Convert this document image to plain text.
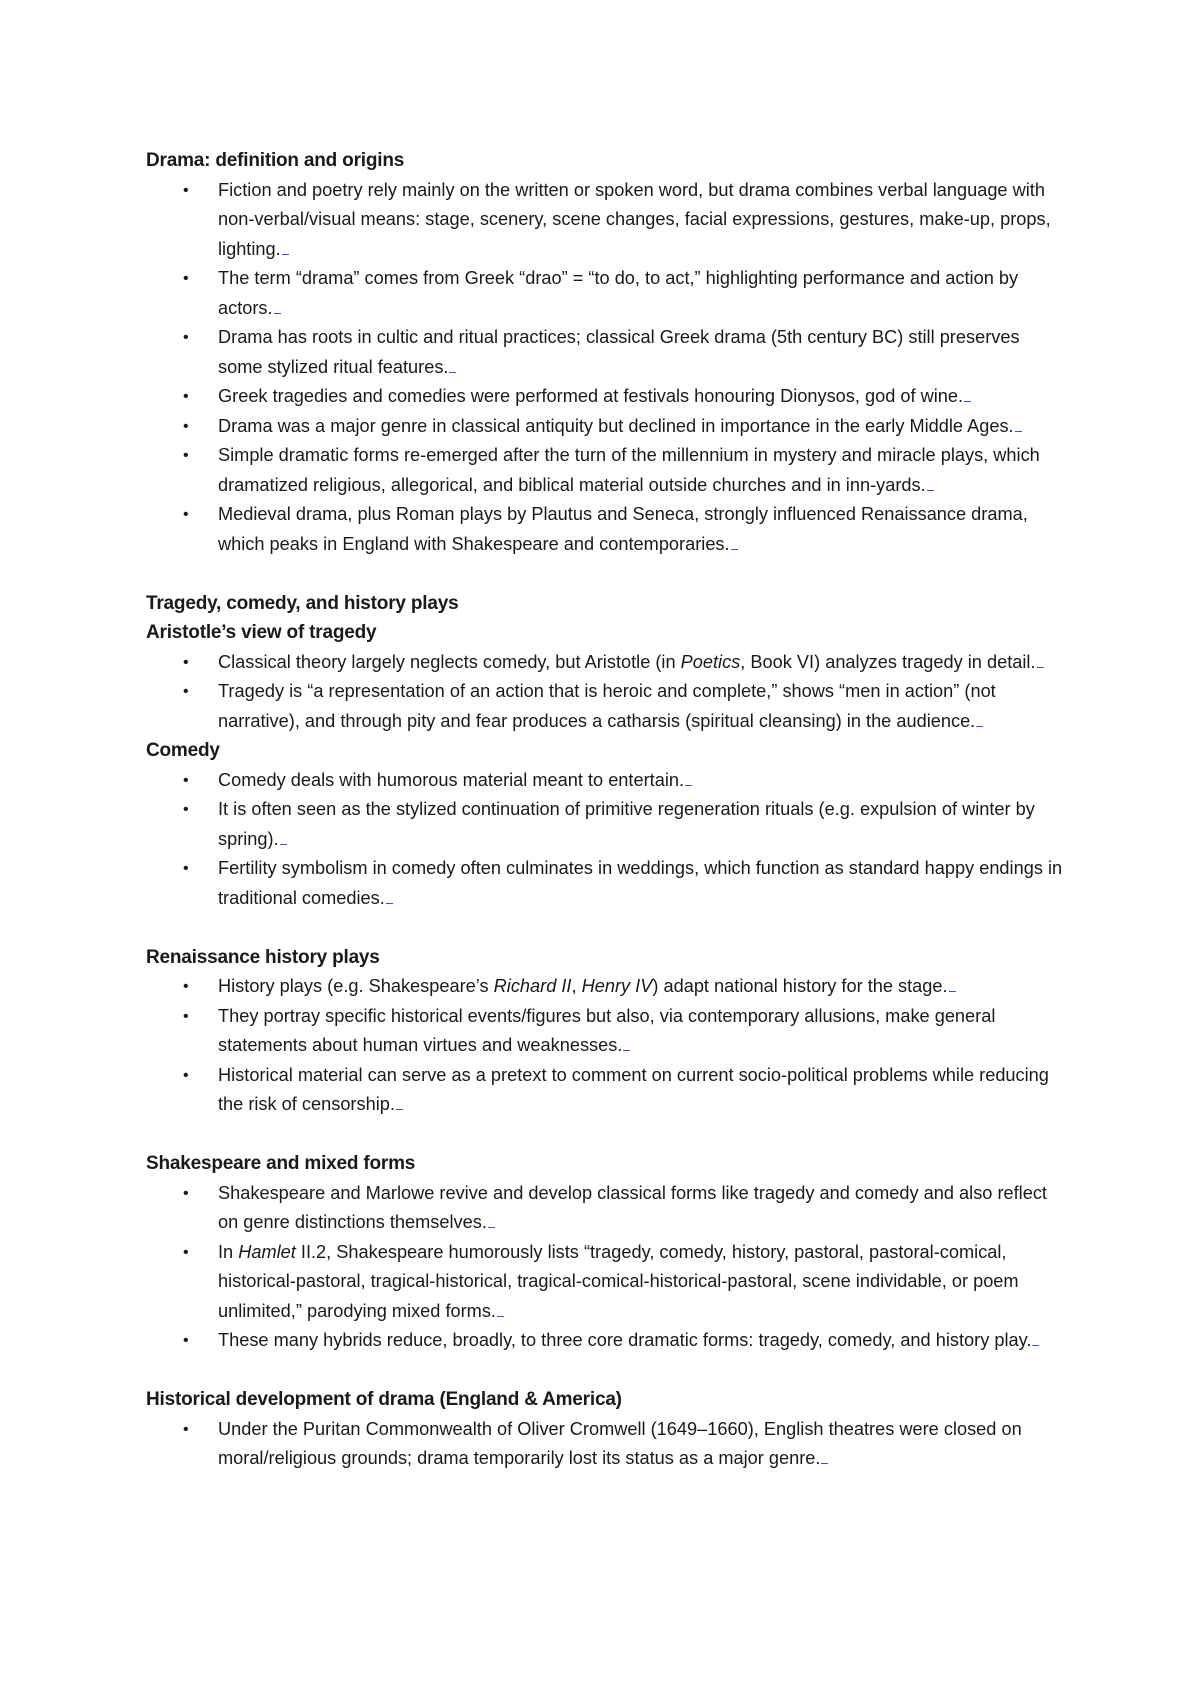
Drama: definition and origins
• Fiction and poetry rely mainly on the written or spoken word, but drama combines verbal language with non-verbal/visual means: stage, scenery, scene changes, facial expressions, gestures, make-up, props, lighting.
• The term “drama” comes from Greek “drao” = “to do, to act,” highlighting performance and action by actors.
• Drama has roots in cultic and ritual practices; classical Greek drama (5th century BC) still preserves some stylized ritual features.
• Greek tragedies and comedies were performed at festivals honouring Dionysos, god of wine.
• Drama was a major genre in classical antiquity but declined in importance in the early Middle Ages.
• Simple dramatic forms re-emerged after the turn of the millennium in mystery and miracle plays, which dramatized religious, allegorical, and biblical material outside churches and in inn-yards.
• Medieval drama, plus Roman plays by Plautus and Seneca, strongly influenced Renaissance drama, which peaks in England with Shakespeare and contemporaries.
Tragedy, comedy, and history plays
Aristotle’s view of tragedy
• Classical theory largely neglects comedy, but Aristotle (in Poetics, Book VI) analyzes tragedy in detail.
• Tragedy is “a representation of an action that is heroic and complete,” shows “men in action” (not narrative), and through pity and fear produces a catharsis (spiritual cleansing) in the audience.
Comedy
• Comedy deals with humorous material meant to entertain.
• It is often seen as the stylized continuation of primitive regeneration rituals (e.g. expulsion of winter by spring).
• Fertility symbolism in comedy often culminates in weddings, which function as standard happy endings in traditional comedies.
Renaissance history plays
• History plays (e.g. Shakespeare’s Richard II, Henry IV) adapt national history for the stage.
• They portray specific historical events/figures but also, via contemporary allusions, make general statements about human virtues and weaknesses.
• Historical material can serve as a pretext to comment on current socio-political problems while reducing the risk of censorship.
Shakespeare and mixed forms
• Shakespeare and Marlowe revive and develop classical forms like tragedy and comedy and also reflect on genre distinctions themselves.
• In Hamlet II.2, Shakespeare humorously lists “tragedy, comedy, history, pastoral, pastoral-comical, historical-pastoral, tragical-historical, tragical-comical-historical-pastoral, scene individable, or poem unlimited,” parodying mixed forms.
• These many hybrids reduce, broadly, to three core dramatic forms: tragedy, comedy, and history play.
Historical development of drama (England & America)
• Under the Puritan Commonwealth of Oliver Cromwell (1649–1660), English theatres were closed on moral/religious grounds; drama temporarily lost its status as a major genre.
